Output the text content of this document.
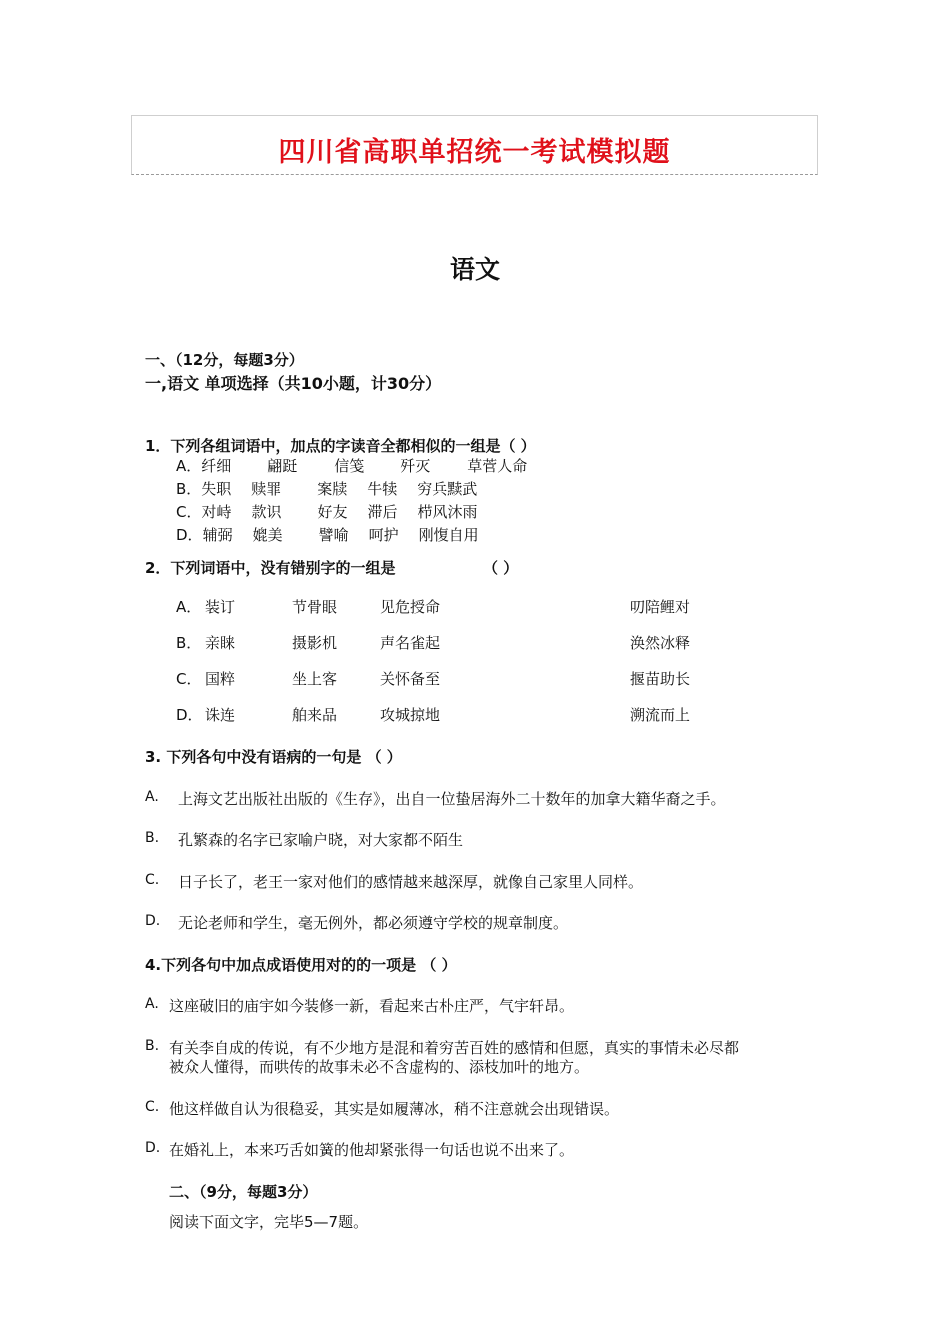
四川省高职单招统一考试模拟题
语文
一、（12分，每题3分）
一,语文 单项选择（共10小题，计30分）
1．下列各组词语中，加点的字读音全都相似的一组是（ ）
A．纤细 翩跹 信笺 歼灭 草菅人命
B．失职 赎罪 案牍 牛犊 穷兵黩武
C．对峙 款识 好友 滞后 栉风沐雨
D．辅弼 媲美 譬喻 呵护 刚愎自用
2．下列词语中，没有错别字的一组是	（ ）
A． 装订	节骨眼	见危授命	叨陪鲤对
B． 亲睐	摄影机	声名雀起	涣然冰释
C． 国粹	坐上客	关怀备至	揠苗助长
D． 诛连	舶来品	攻城掠地	溯流而上
3. 下列各句中没有语病的一句是 （ ）
A. 上海文艺出版社出版的《生存》，出自一位蛰居海外二十数年的加拿大籍华裔之手。
B. 孔繁森的名字已家喻户晓，对大家都不陌生
C. 日子长了，老王一家对他们的感情越来越深厚，就像自己家里人同样。
D. 无论老师和学生，毫无例外，都必须遵守学校的规章制度。
4.下列各句中加点成语使用对的的一项是 （ ）
A. 这座破旧的庙宇如今装修一新，看起来古朴庄严，气宇轩昂。
B. 有关李自成的传说，有不少地方是混和着穷苦百姓的感情和但愿，真实的事情未必尽都
被众人懂得，而哄传的故事未必不含虚构的、添枝加叶的地方。
C. 他这样做自认为很稳妥，其实是如履薄冰，稍不注意就会出现错误。
D. 在婚礼上，本来巧舌如簧的他却紧张得一句话也说不出来了。
二、（9分，每题3分）
阅读下面文字，完毕5—7题。
